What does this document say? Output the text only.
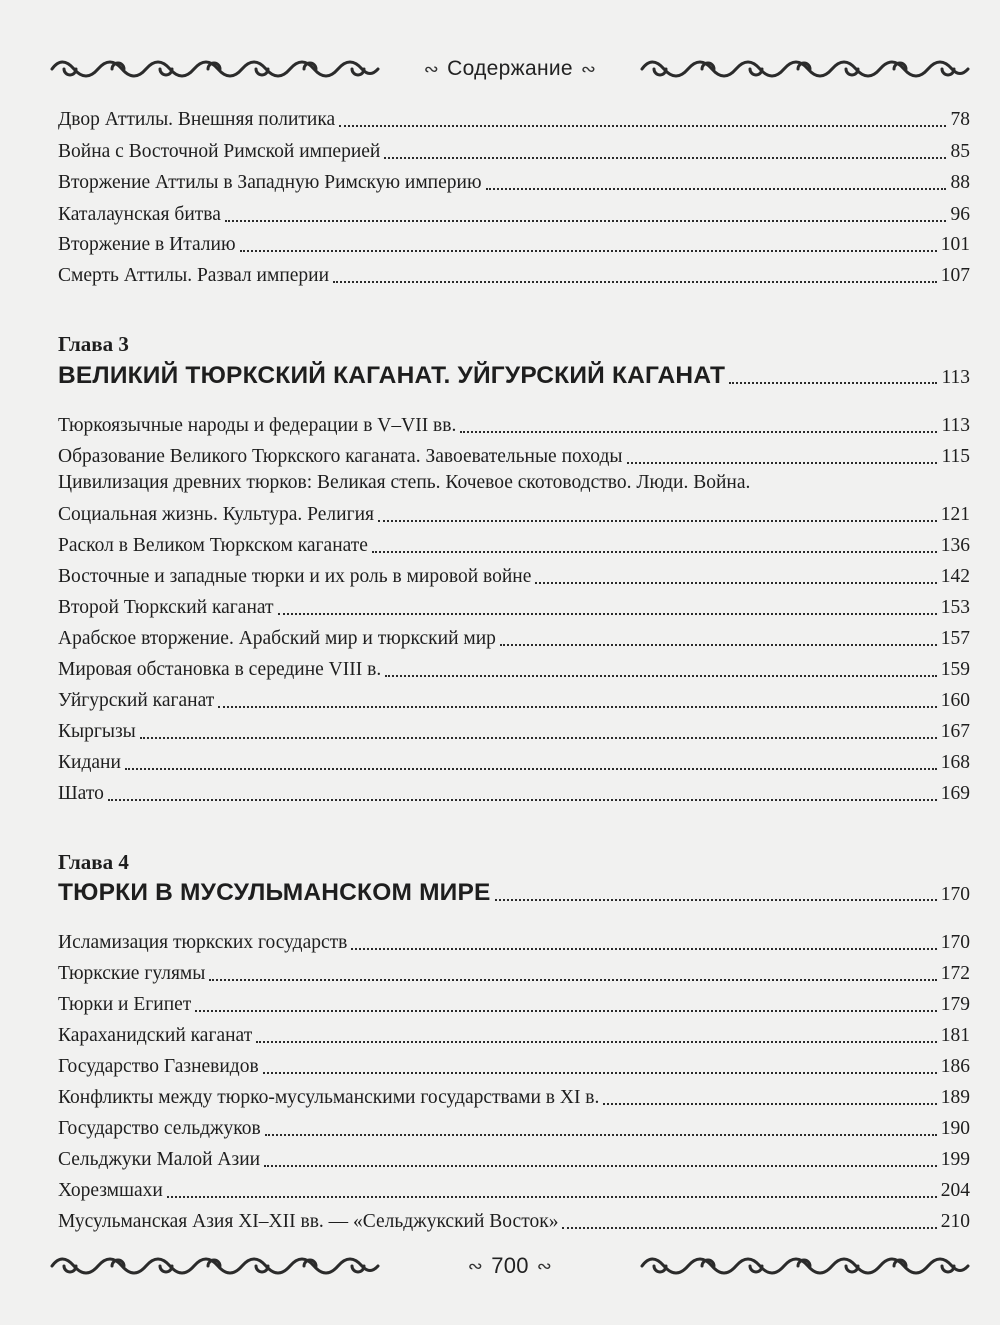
∾ Содержание ∾
Двор Аттилы. Внешняя политика	78
Война с Восточной Римской империей	85
Вторжение Аттилы в Западную Римскую империю	88
Каталаунская битва	96
Вторжение в Италию	101
Смерть Аттилы. Развал империи	107
Глава 3
ВЕЛИКИЙ ТЮРКСКИЙ КАГАНАТ. УЙГУРСКИЙ КАГАНАТ	113
Тюркоязычные народы и федерации в V–VII вв.	113
Образование Великого Тюркского каганата. Завоевательные походы	115
Цивилизация древних тюрков: Великая степь. Кочевое скотоводство. Люди. Война.
Социальная жизнь. Культура. Религия	121
Раскол в Великом Тюркском каганате	136
Восточные и западные тюрки и их роль в мировой войне	142
Второй Тюркский каганат	153
Арабское вторжение. Арабский мир и тюркский мир	157
Мировая обстановка в середине VIII в.	159
Уйгурский каганат	160
Кыргызы	167
Кидани	168
Шато	169
Глава 4
ТЮРКИ В МУСУЛЬМАНСКОМ МИРЕ	170
Исламизация тюркских государств	170
Тюркские гулямы	172
Тюрки и Египет	179
Караханидский каганат	181
Государство Газневидов	186
Конфликты между тюрко-мусульманскими государствами в XI в.	189
Государство сельджуков	190
Сельджуки Малой Азии	199
Хорезмшахи	204
Мусульманская Азия XI–XII вв. — «Сельджукский Восток»	210
∾ 700 ∾
